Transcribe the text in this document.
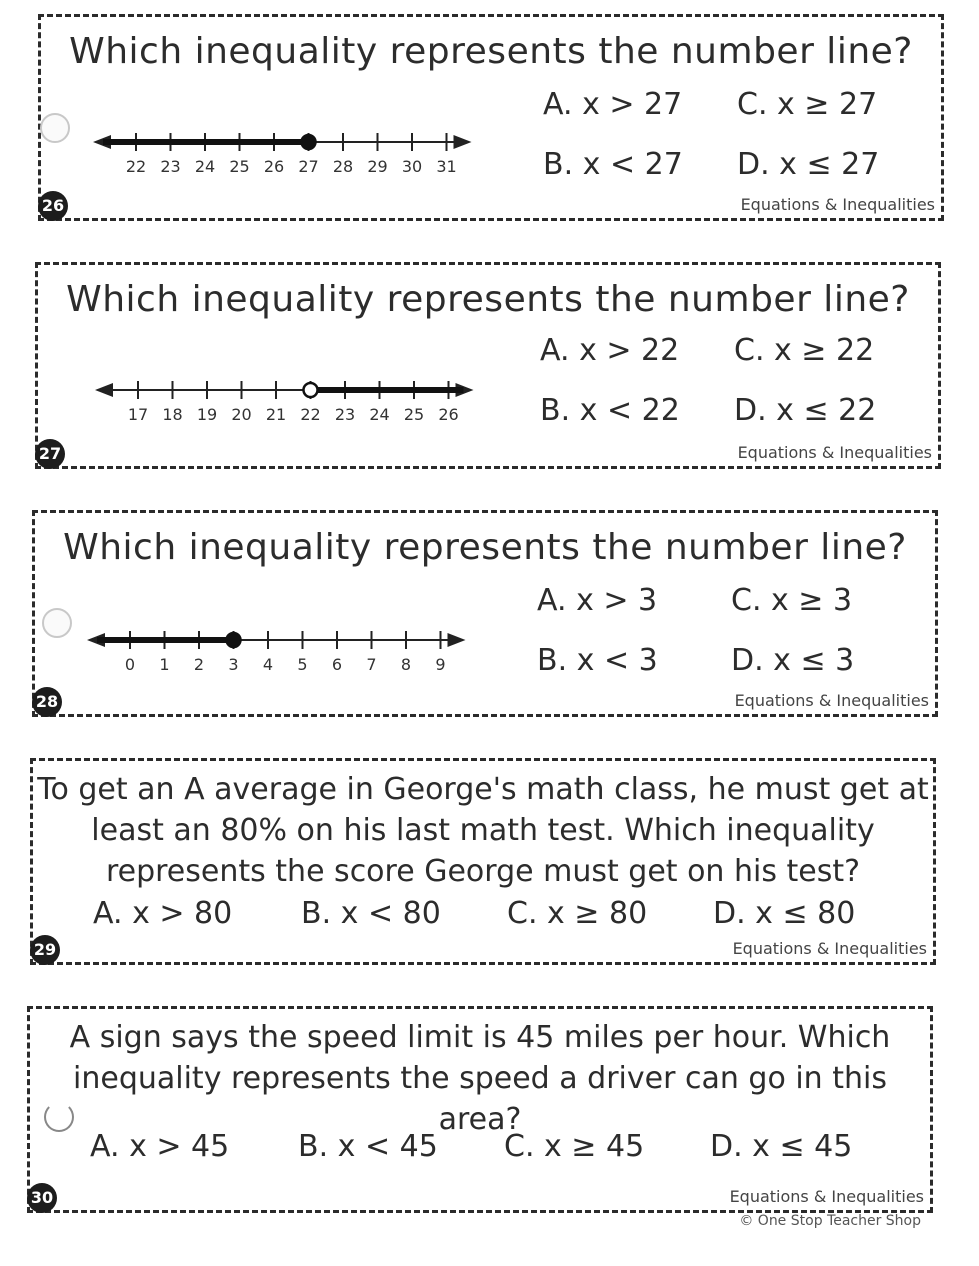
Which inequality represents the number line?
22 23 24 25 26 27 28 29 30 31
A. x > 27 C. x ≥ 27
B. x < 27 D. x ≤ 27
Equations & Inequalities
26
Which inequality represents the number line?
17 18 19 20 21 22 23 24 25 26
A. x > 22 C. x ≥ 22
B. x < 22 D. x ≤ 22
Equations & Inequalities
27
Which inequality represents the number line?
0 1 2 3 4 5 6 7 8 9
A. x > 3 C. x ≥ 3
B. x < 3 D. x ≤ 3
Equations & Inequalities
28
To get an A average in George's math class, he must get at
least an 80% on his last math test. Which inequality
represents the score George must get on his test?
A. x > 80 B. x < 80 C. x ≥ 80 D. x ≤ 80
Equations & Inequalities
29
A sign says the speed limit is 45 miles per hour. Which
inequality represents the speed a driver can go in this area?
A. x > 45 B. x < 45 C. x ≥ 45 D. x ≤ 45
Equations & Inequalities
30
© One Stop Teacher Shop
